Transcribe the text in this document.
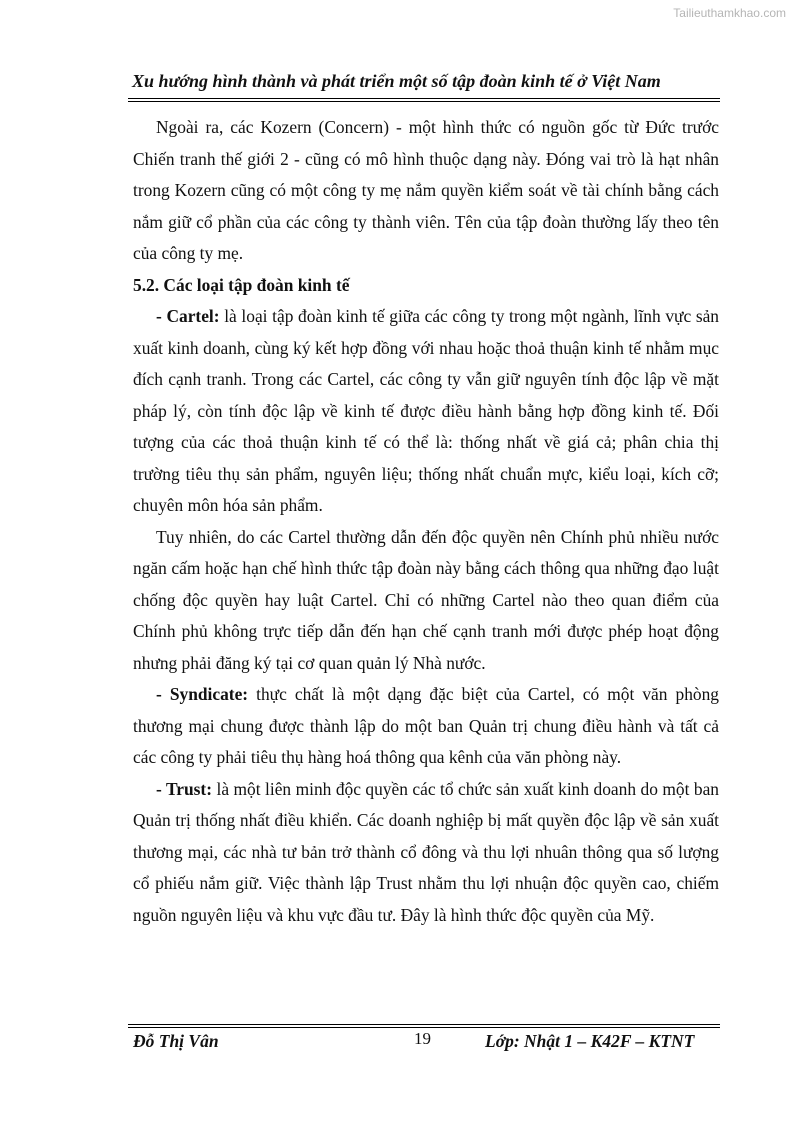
Tailieuthamkhao.com
Xu hướng hình thành và phát triển một số tập đoàn kinh tế ở Việt Nam

Ngoài ra, các Kozern (Concern) - một hình thức có nguồn gốc từ Đức trước Chiến tranh thế giới 2 - cũng có mô hình thuộc dạng này. Đóng vai trò là hạt nhân trong Kozern cũng có một công ty mẹ nắm quyền kiểm soát về tài chính bằng cách nắm giữ cổ phần của các công ty thành viên. Tên của tập đoàn thường lấy theo tên của công ty mẹ.

5.2. Các loại tập đoàn kinh tế

- Cartel: là loại tập đoàn kinh tế giữa các công ty trong một ngành, lĩnh vực sản xuất kinh doanh, cùng ký kết hợp đồng với nhau hoặc thoả thuận kinh tế nhằm mục đích cạnh tranh. Trong các Cartel, các công ty vẫn giữ nguyên tính độc lập về mặt pháp lý, còn tính độc lập về kinh tế được điều hành bằng hợp đồng kinh tế. Đối tượng của các thoả thuận kinh tế có thể là: thống nhất về giá cả; phân chia thị trường tiêu thụ sản phẩm, nguyên liệu; thống nhất chuẩn mực, kiểu loại, kích cỡ; chuyên môn hóa sản phẩm.

Tuy nhiên, do các Cartel thường dẫn đến độc quyền nên Chính phủ nhiều nước ngăn cấm hoặc hạn chế hình thức tập đoàn này bằng cách thông qua những đạo luật chống độc quyền hay luật Cartel. Chỉ có những Cartel nào theo quan điểm của Chính phủ không trực tiếp dẫn đến hạn chế cạnh tranh mới được phép hoạt động nhưng phải đăng ký tại cơ quan quản lý Nhà nước.

- Syndicate: thực chất là một dạng đặc biệt của Cartel, có một văn phòng thương mại chung được thành lập do một ban Quản trị chung điều hành và tất cả các công ty phải tiêu thụ hàng hoá thông qua kênh của văn phòng này.

- Trust: là một liên minh độc quyền các tổ chức sản xuất kinh doanh do một ban Quản trị thống nhất điều khiển. Các doanh nghiệp bị mất quyền độc lập về sản xuất thương mại, các nhà tư bản trở thành cổ đông và thu lợi nhuân thông qua số lượng cổ phiếu nắm giữ. Việc thành lập Trust nhằm thu lợi nhuận độc quyền cao, chiếm nguồn nguyên liệu và khu vực đầu tư. Đây là hình thức độc quyền của Mỹ.

Đỗ Thị Vân	19	Lớp: Nhật 1 – K42F – KTNT
